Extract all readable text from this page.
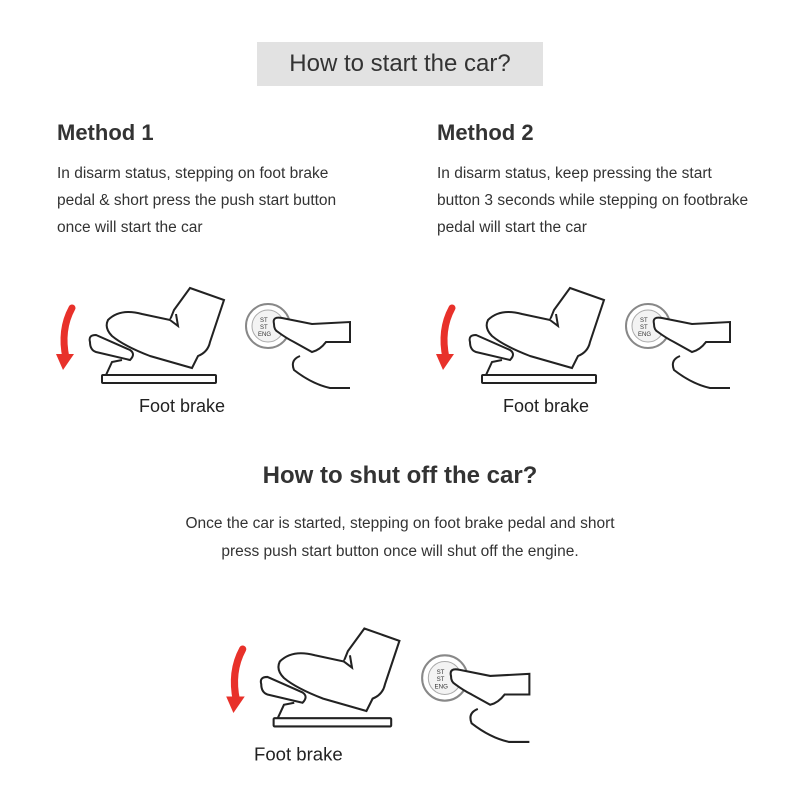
How to start the car?
Method 1
In disarm status, stepping on foot brake
pedal & short press the push start button
once will start the car
Method 2
In disarm status, keep pressing the start
button 3 seconds while stepping on footbrake
pedal will start the car
ST
ST
ENG
Foot brake
ST
ST
ENG
Foot brake
How to shut off the car?
Once the car is started, stepping on foot brake pedal and short
press push start button once will shut off the engine.
ST
ST
ENG
Foot brake
